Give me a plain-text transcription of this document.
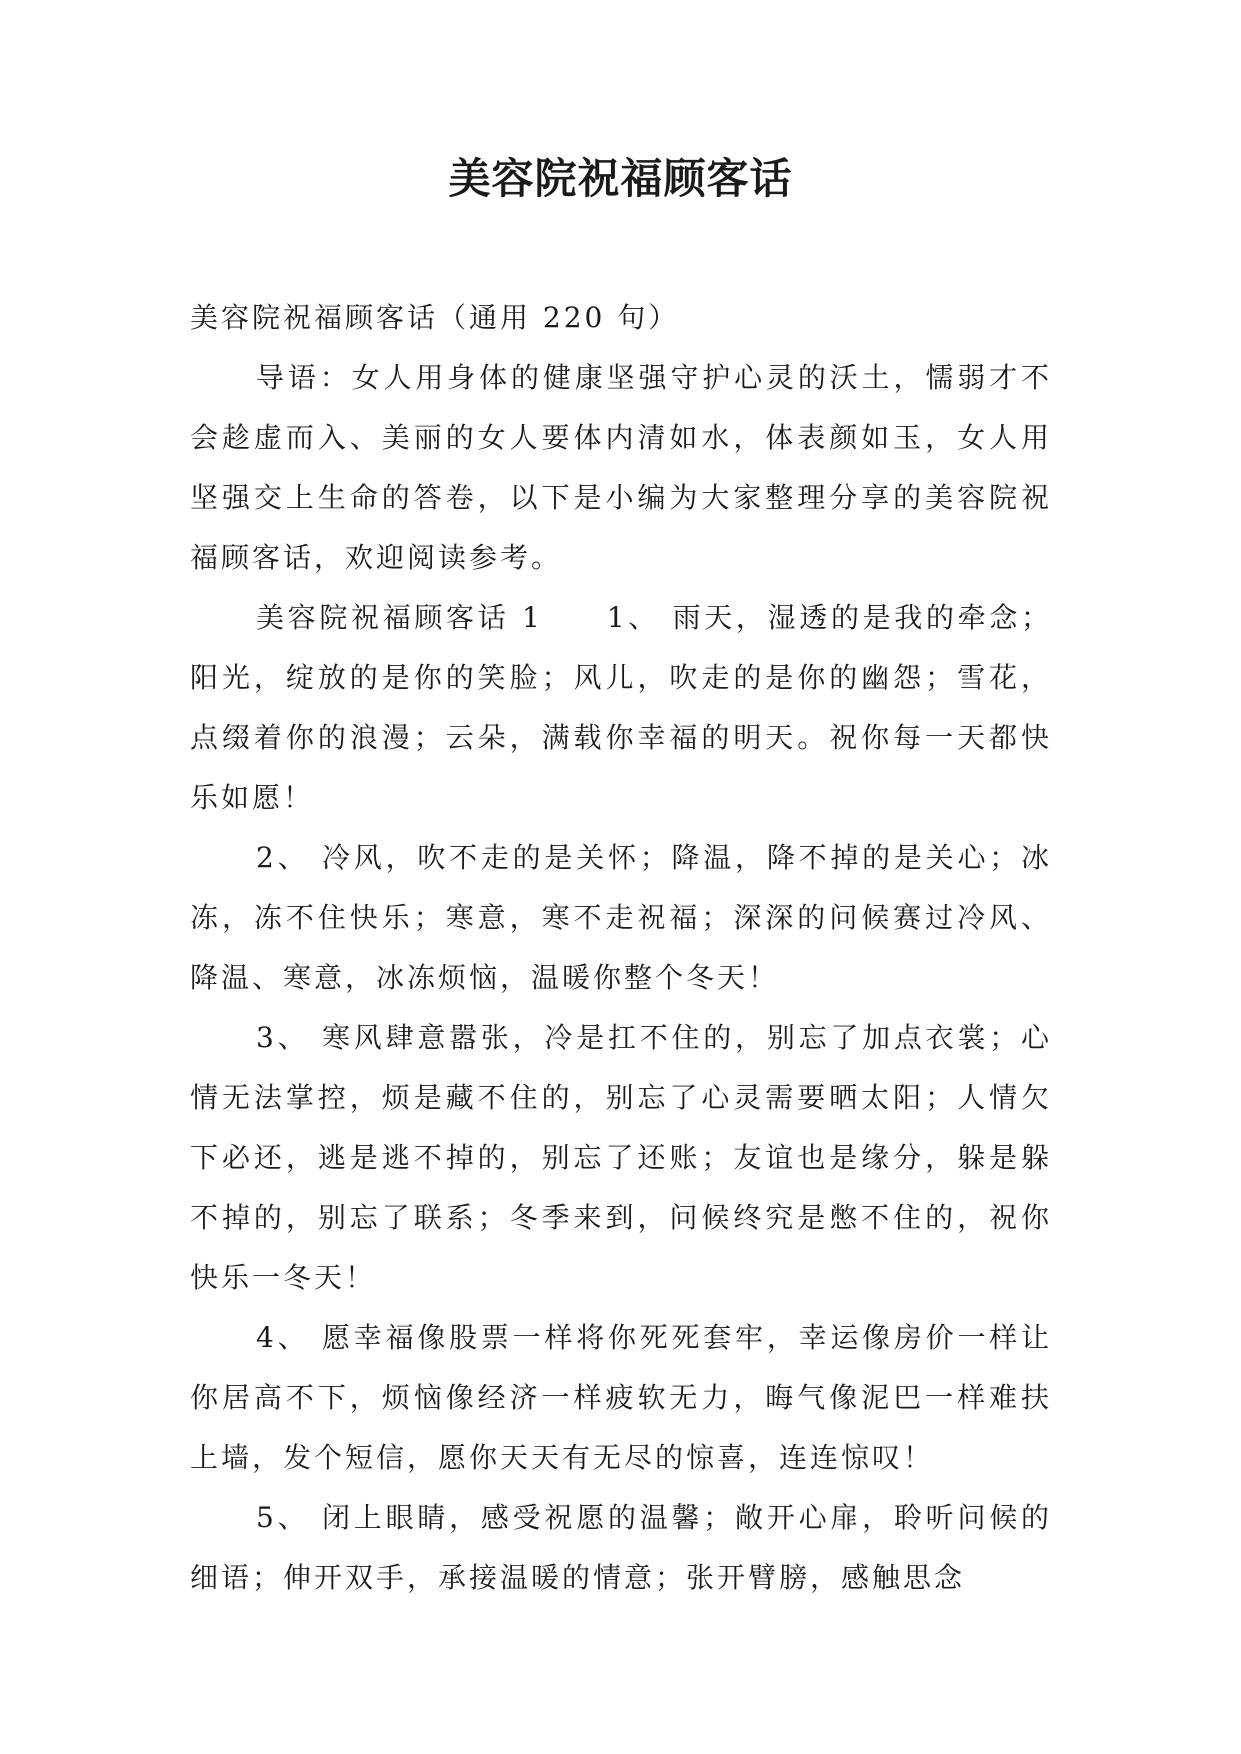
美容院祝福顾客话

美容院祝福顾客话（通用 220 句）

导语：女人用身体的健康坚强守护心灵的沃土，懦弱才不会趁虚而入、美丽的女人要体内清如水，体表颜如玉，女人用坚强交上生命的答卷，以下是小编为大家整理分享的美容院祝福顾客话，欢迎阅读参考。

美容院祝福顾客话 1　　1、 雨天，湿透的是我的牵念；阳光，绽放的是你的笑脸；风儿，吹走的是你的幽怨；雪花，点缀着你的浪漫；云朵，满载你幸福的明天。祝你每一天都快乐如愿！

2、 冷风，吹不走的是关怀；降温，降不掉的是关心；冰冻，冻不住快乐；寒意，寒不走祝福；深深的问候赛过冷风、降温、寒意，冰冻烦恼，温暖你整个冬天！

3、 寒风肆意嚣张，冷是扛不住的，别忘了加点衣裳；心情无法掌控，烦是藏不住的，别忘了心灵需要晒太阳；人情欠下必还，逃是逃不掉的，别忘了还账；友谊也是缘分，躲是躲不掉的，别忘了联系；冬季来到，问候终究是憋不住的，祝你快乐一冬天！

4、 愿幸福像股票一样将你死死套牢，幸运像房价一样让你居高不下，烦恼像经济一样疲软无力，晦气像泥巴一样难扶上墙，发个短信，愿你天天有无尽的惊喜，连连惊叹！

5、 闭上眼睛，感受祝愿的温馨；敞开心扉，聆听问候的细语；伸开双手，承接温暖的情意；张开臂膀，感触思念
